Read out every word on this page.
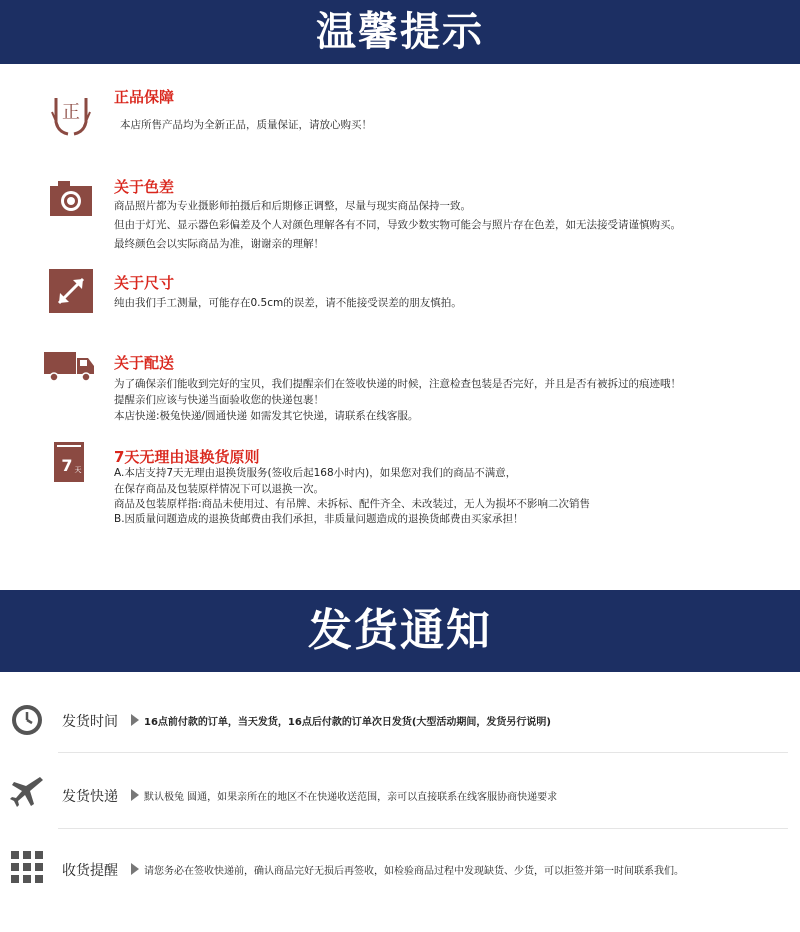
温馨提示
正
正品保障
本店所售产品均为全新正品，质量保证，请放心购买！
关于色差
商品照片都为专业摄影师拍摄后和后期修正调整，尽量与现实商品保持一致。
但由于灯光、显示器色彩偏差及个人对颜色理解各有不同，导致少数实物可能会与照片存在色差，如无法接受请谨慎购买。
最终颜色会以实际商品为准，谢谢亲的理解！
关于尺寸
纯由我们手工测量，可能存在0.5cm的误差，请不能接受误差的朋友慎拍。
关于配送
为了确保亲们能收到完好的宝贝，我们提醒亲们在签收快递的时候，注意检查包装是否完好，并且是否有被拆过的痕迹哦！
提醒亲们应该与快递当面验收您的快递包裹！
本店快递:极兔快递/圆通快递 如需发其它快递，请联系在线客服。
7 天
7天无理由退换货原则
A.本店支持7天无理由退换货服务(签收后起168小时内)，如果您对我们的商品不满意，
在保存商品及包装原样情况下可以退换一次。
商品及包装原样指:商品未使用过、有吊牌、未拆标、配件齐全、未改装过，无人为损坏不影响二次销售
B.因质量问题造成的退换货邮费由我们承担，非质量问题造成的退换货邮费由买家承担！
发货通知
发货时间	16点前付款的订单，当天发货，16点后付款的订单次日发货(大型活动期间，发货另行说明)
发货快递	默认极兔 圆通，如果亲所在的地区不在快递收送范围，亲可以直接联系在线客服协商快递要求
收货提醒	请您务必在签收快递前，确认商品完好无损后再签收，如检验商品过程中发现缺货、少货，可以拒签并第一时间联系我们。
